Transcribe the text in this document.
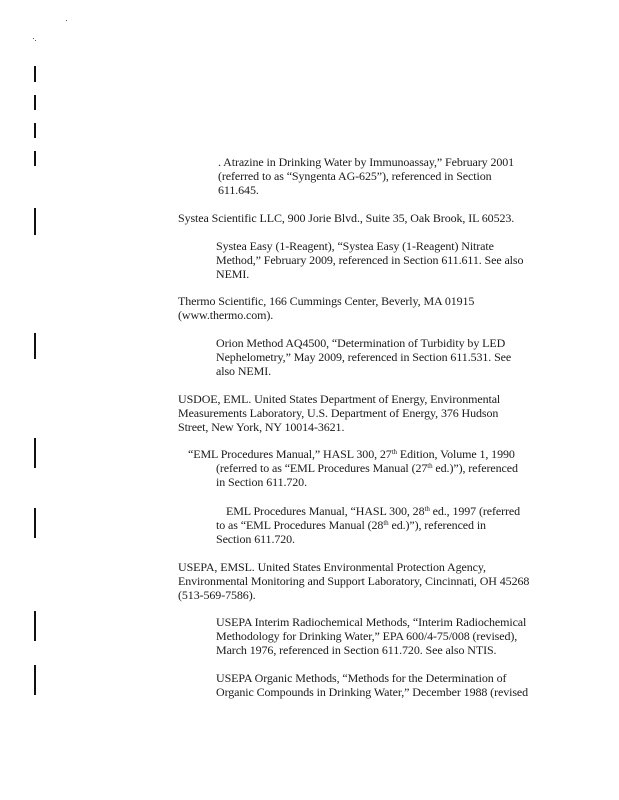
. Atrazine in Drinking Water by Immunoassay,” February 2001
(referred to as “Syngenta AG-625”), referenced in Section
611.645.
Systea Scientific LLC, 900 Jorie Blvd., Suite 35, Oak Brook, IL 60523.
Systea Easy (1-Reagent), “Systea Easy (1-Reagent) Nitrate
Method,” February 2009, referenced in Section 611.611. See also
NEMI.
Thermo Scientific, 166 Cummings Center, Beverly, MA 01915
(www.thermo.com).
Orion Method AQ4500, “Determination of Turbidity by LED
Nephelometry,” May 2009, referenced in Section 611.531. See
also NEMI.
USDOE, EML. United States Department of Energy, Environmental
Measurements Laboratory, U.S. Department of Energy, 376 Hudson
Street, New York, NY 10014-3621.
“EML Procedures Manual,” HASL 300, 27th Edition, Volume 1, 1990
(referred to as “EML Procedures Manual (27th ed.)”), referenced
in Section 611.720.
EML Procedures Manual, “HASL 300, 28th ed., 1997 (referred
to as “EML Procedures Manual (28th ed.)”), referenced in
Section 611.720.
USEPA, EMSL. United States Environmental Protection Agency,
Environmental Monitoring and Support Laboratory, Cincinnati, OH 45268
(513-569-7586).
USEPA Interim Radiochemical Methods, “Interim Radiochemical
Methodology for Drinking Water,” EPA 600/4-75/008 (revised),
March 1976, referenced in Section 611.720. See also NTIS.
USEPA Organic Methods, “Methods for the Determination of
Organic Compounds in Drinking Water,” December 1988 (revised
